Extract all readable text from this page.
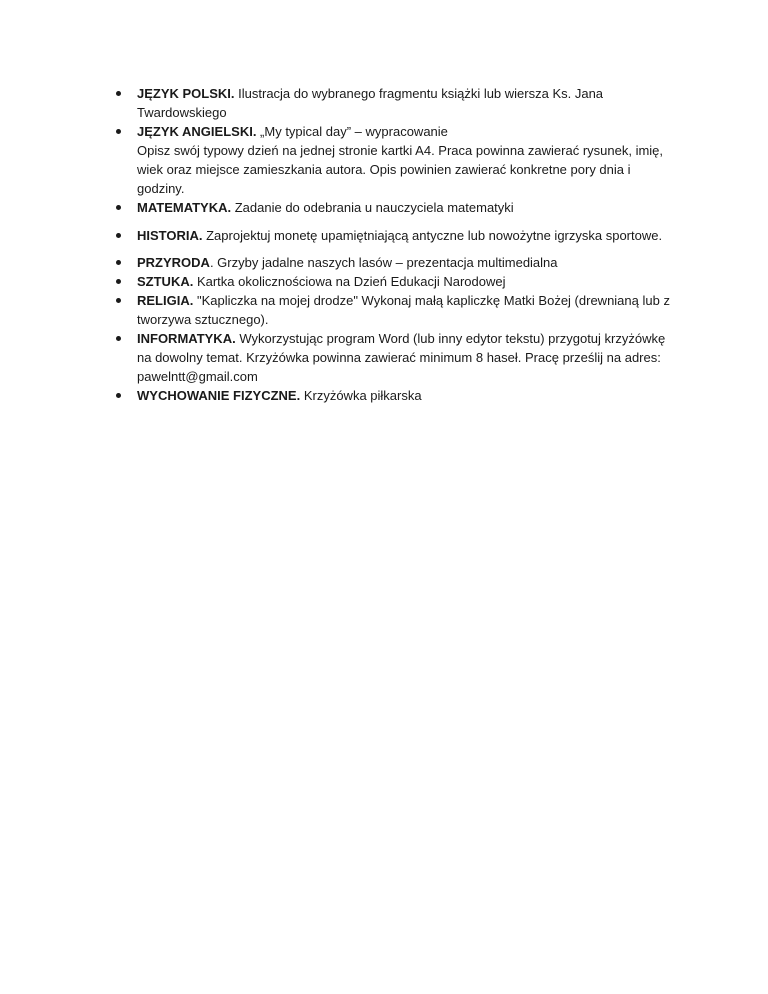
JĘZYK POLSKI. Ilustracja do wybranego fragmentu książki lub wiersza Ks. Jana Twardowskiego
JĘZYK ANGIELSKI. „My typical day” – wypracowanie
Opisz swój typowy dzień na jednej stronie kartki A4. Praca powinna zawierać rysunek, imię, wiek oraz miejsce zamieszkania autora. Opis powinien zawierać konkretne pory dnia i godziny.
MATEMATYKA. Zadanie do odebrania u nauczyciela matematyki
HISTORIA. Zaprojektuj monetę upamiętniającą antyczne lub nowożytne igrzyska sportowe.
PRZYRODA. Grzyby jadalne naszych lasów – prezentacja multimedialna
SZTUKA. Kartka okolicznościowa na Dzień Edukacji Narodowej
RELIGIA. "Kapliczka na mojej drodze" Wykonaj małą kapliczkę Matki Bożej (drewnianą lub z tworzywa sztucznego).
INFORMATYKA. Wykorzystując program Word (lub inny edytor tekstu) przygotuj krzyżówkę na dowolny temat. Krzyżówka powinna zawierać minimum 8 haseł. Pracę prześlij na adres: pawelntt@gmail.com
WYCHOWANIE FIZYCZNE. Krzyżówka piłkarska
